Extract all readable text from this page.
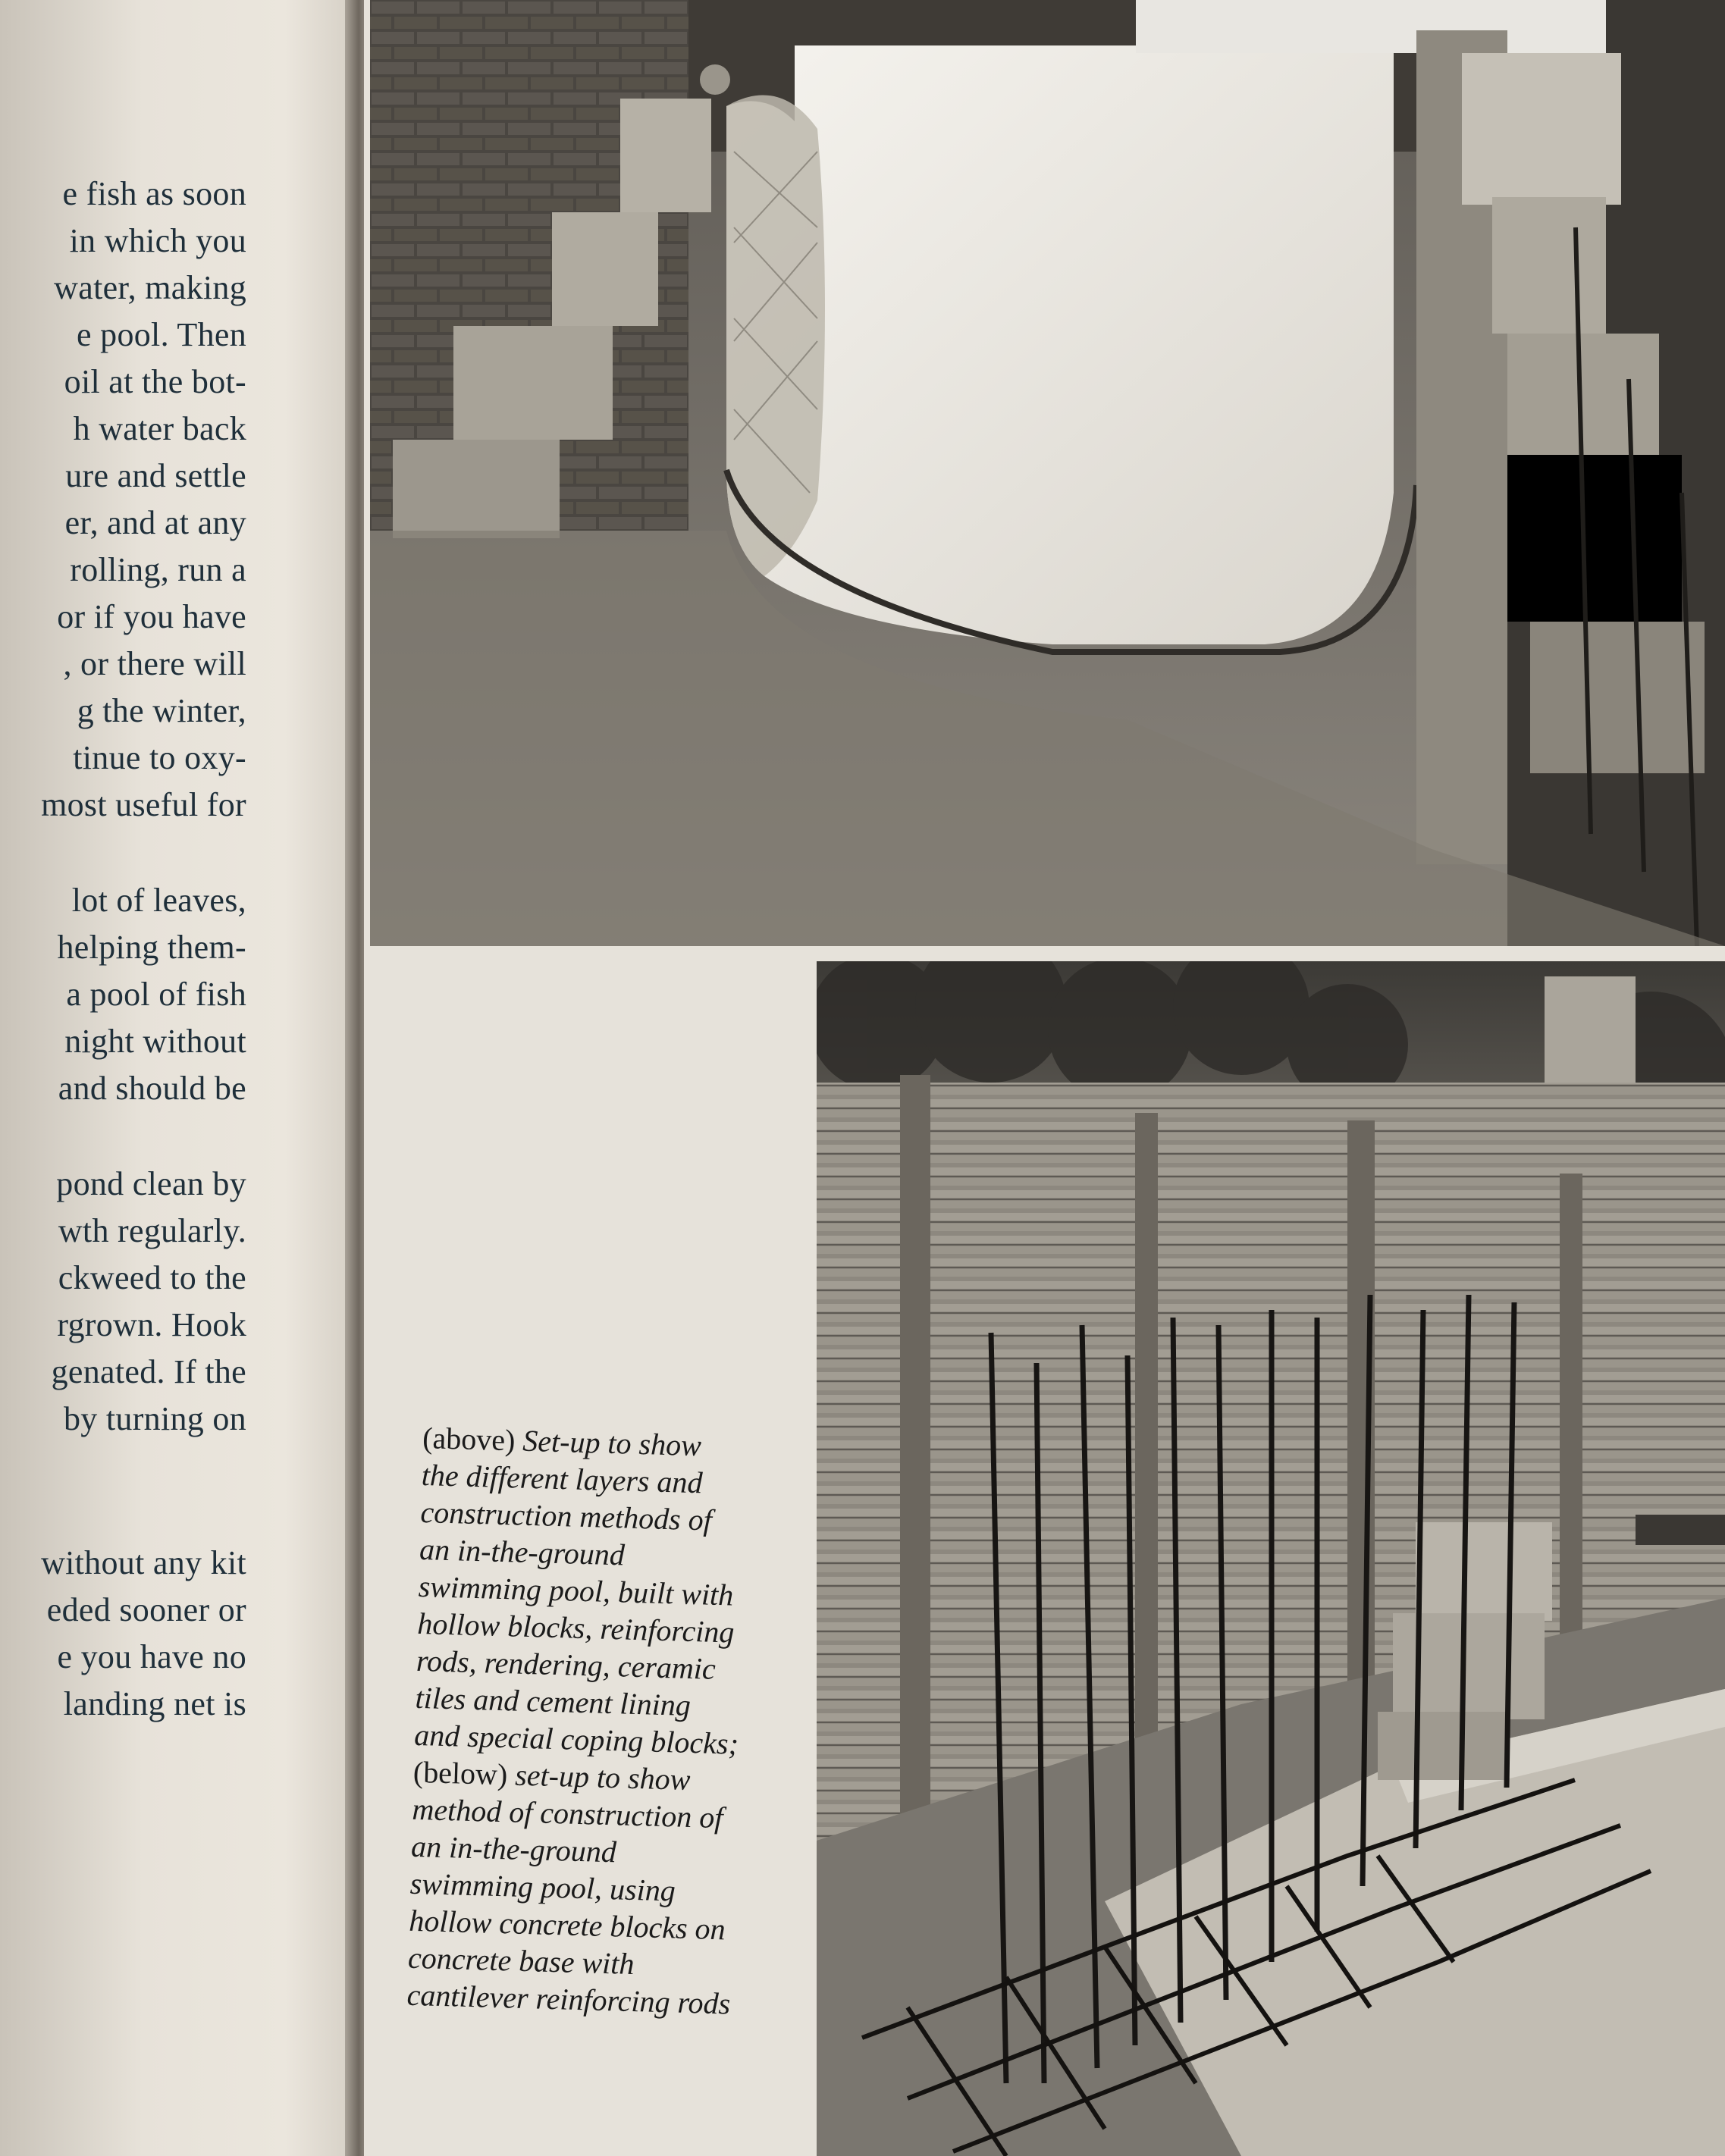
e fish as soon
in which you
water, making
e pool. Then
oil at the bot-
h water back
ure and settle
er, and at any
rolling, run a
or if you have
, or there will
g the winter,
tinue to oxy-
most useful for
lot of leaves,
helping them-
a pool of fish
night without
and should be
pond clean by
wth regularly.
ckweed to the
rgrown. Hook
genated. If the
by turning on
without any kit
eded sooner or
e you have no
landing net is
(above) Set-up to show
the different layers and
construction methods of
an in-the-ground
swimming pool, built with
hollow blocks, reinforcing
rods, rendering, ceramic
tiles and cement lining
and special coping blocks;
(below) set-up to show
method of construction of
an in-the-ground
swimming pool, using
hollow concrete blocks on
concrete base with
cantilever reinforcing rods
